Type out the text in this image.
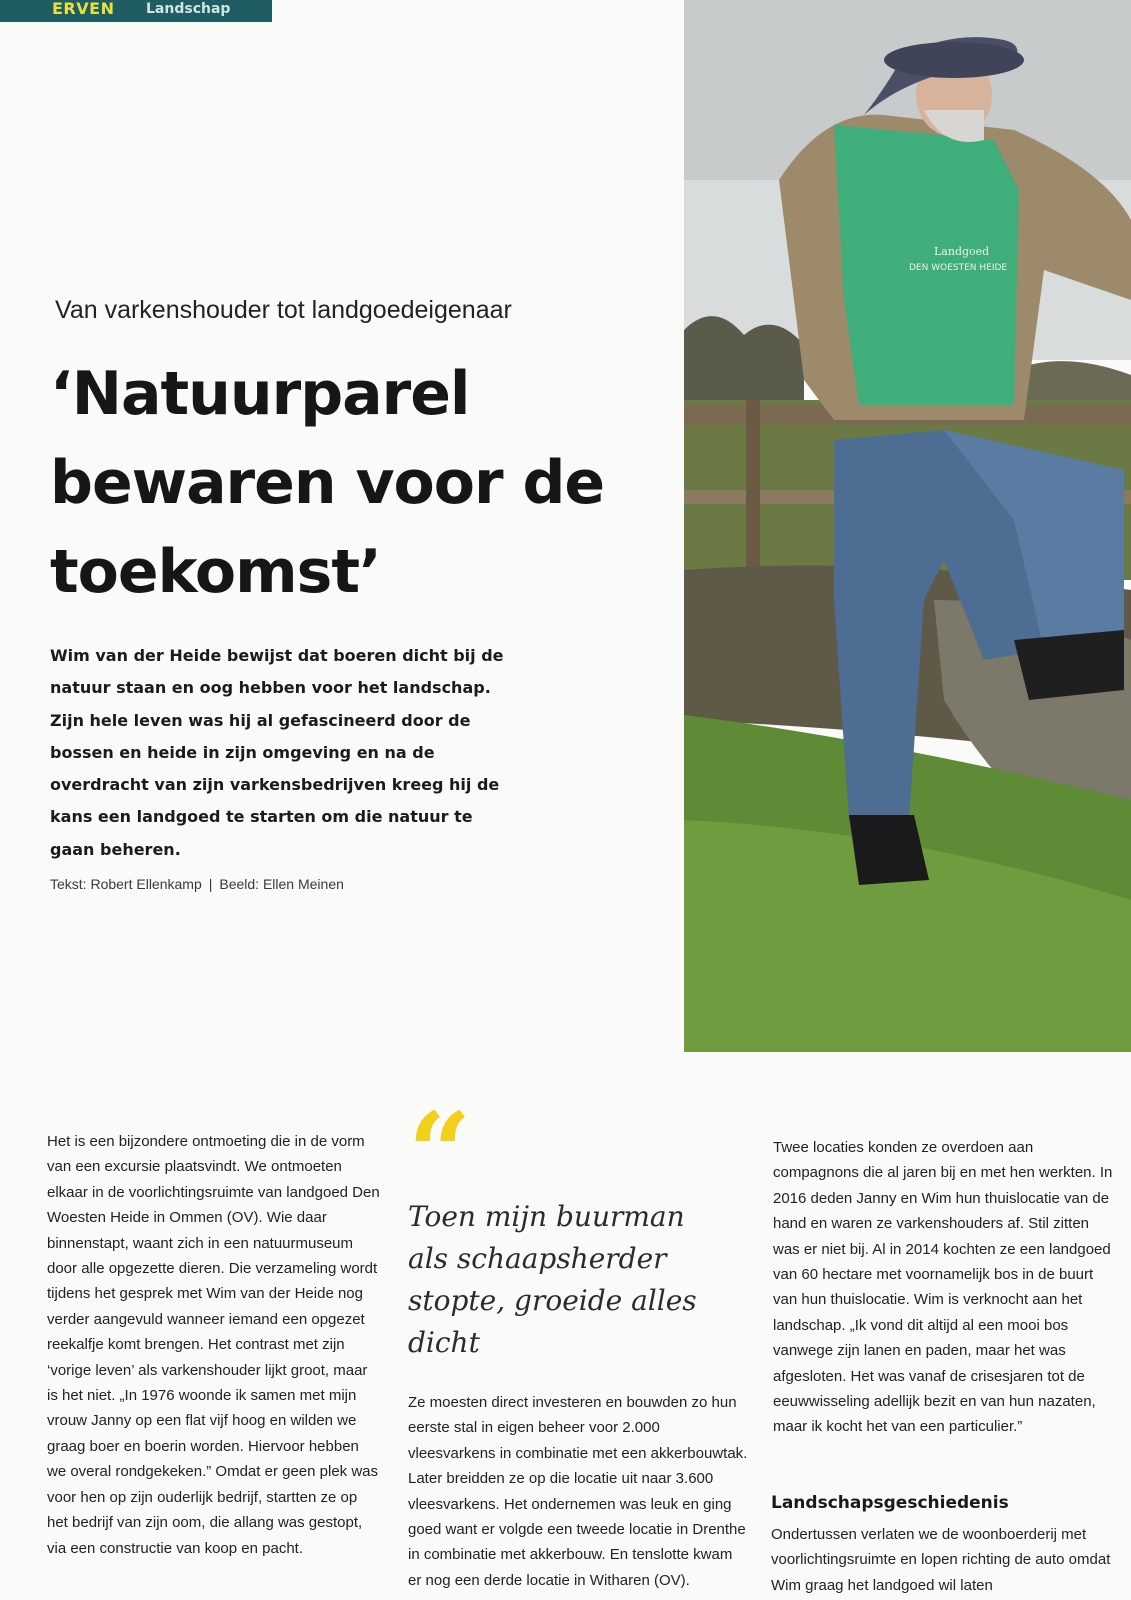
ERVEN Landschap
Landgoed
DEN WOESTEN HEIDE
Van varkenshouder tot landgoedeigenaar
‘Natuurparel bewaren voor de toekomst’

Wim van der Heide bewijst dat boeren dicht bij de natuur staan en oog hebben voor het landschap. Zijn hele leven was hij al gefascineerd door de bossen en heide in zijn omgeving en na de overdracht van zijn varkensbedrijven kreeg hij de kans een landgoed te starten om die natuur te gaan beheren.

Tekst: Robert Ellenkamp | Beeld: Ellen Meinen

Het is een bijzondere ontmoeting die in de vorm van een excursie plaatsvindt. We ontmoeten elkaar in de voorlichtingsruimte van landgoed Den Woesten Heide in Ommen (OV). Wie daar binnenstapt, waant zich in een natuurmuseum door alle opgezette dieren. Die verzameling wordt tijdens het gesprek met Wim van der Heide nog verder aangevuld wanneer iemand een opgezet reekalfje komt brengen. Het contrast met zijn ‘vorige leven’ als varkenshouder lijkt groot, maar is het niet. „In 1976 woonde ik samen met mijn vrouw Janny op een flat vijf hoog en wilden we graag boer en boerin worden. Hiervoor hebben we overal rondgekeken.” Omdat er geen plek was voor hen op zijn ouderlijk bedrijf, startten ze op het bedrijf van zijn oom, die allang was gestopt, via een constructie van koop en pacht.

“

Toen mijn buurman als schaapsherder stopte, groeide alles dicht

Ze moesten direct investeren en bouwden zo hun eerste stal in eigen beheer voor 2.000 vleesvarkens in combinatie met een akkerbouwtak. Later breidden ze op die locatie uit naar 3.600 vleesvarkens. Het ondernemen was leuk en ging goed want er volgde een tweede locatie in Drenthe in combinatie met akkerbouw. En tenslotte kwam er nog een derde locatie in Witharen (OV).

Twee locaties konden ze overdoen aan compagnons die al jaren bij en met hen werkten. In 2016 deden Janny en Wim hun thuislocatie van de hand en waren ze varkenshouders af. Stil zitten was er niet bij. Al in 2014 kochten ze een landgoed van 60 hectare met voornamelijk bos in de buurt van hun thuislocatie. Wim is verknocht aan het landschap. „Ik vond dit altijd al een mooi bos vanwege zijn lanen en paden, maar het was afgesloten. Het was vanaf de crisesjaren tot de eeuwwisseling adellijk bezit en van hun nazaten, maar ik kocht het van een particulier.”

Landschapsgeschiedenis

Ondertussen verlaten we de woonboerderij met voorlichtingsruimte en lopen richting de auto omdat Wim graag het landgoed wil laten
